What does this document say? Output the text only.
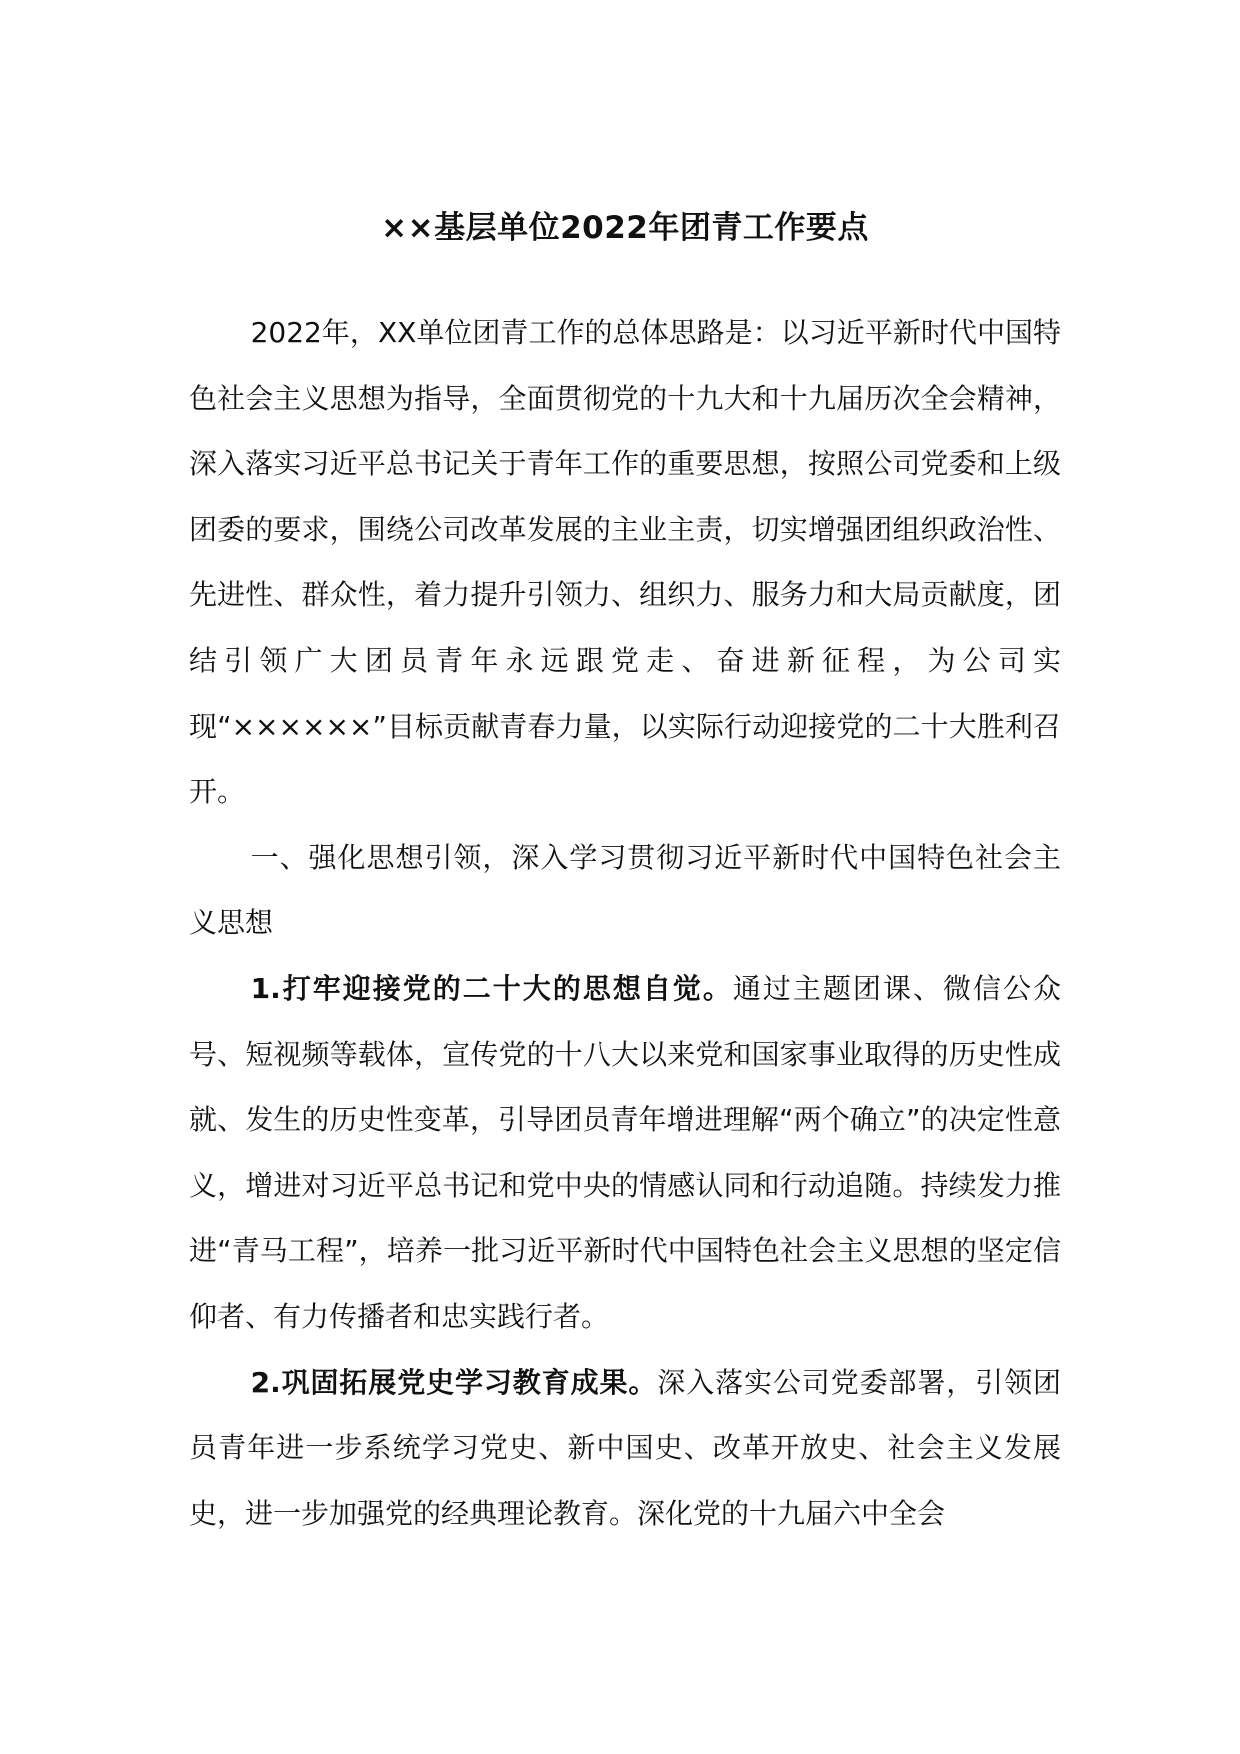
××基层单位2022年团青工作要点

2022年，XX单位团青工作的总体思路是：以习近平新时代中国特色社会主义思想为指导，全面贯彻党的十九大和十九届历次全会精神，深入落实习近平总书记关于青年工作的重要思想，按照公司党委和上级团委的要求，围绕公司改革发展的主业主责，切实增强团组织政治性、先进性、群众性，着力提升引领力、组织力、服务力和大局贡献度，团结引领广大团员青年永远跟党走、奋进新征程，为公司实现“××××××”目标贡献青春力量，以实际行动迎接党的二十大胜利召开。

一、强化思想引领，深入学习贯彻习近平新时代中国特色社会主义思想

1.打牢迎接党的二十大的思想自觉。通过主题团课、微信公众号、短视频等载体，宣传党的十八大以来党和国家事业取得的历史性成就、发生的历史性变革，引导团员青年增进理解“两个确立”的决定性意义，增进对习近平总书记和党中央的情感认同和行动追随。持续发力推进“青马工程”，培养一批习近平新时代中国特色社会主义思想的坚定信仰者、有力传播者和忠实践行者。

2.巩固拓展党史学习教育成果。深入落实公司党委部署，引领团员青年进一步系统学习党史、新中国史、改革开放史、社会主义发展史，进一步加强党的经典理论教育。深化党的十九届六中全会
